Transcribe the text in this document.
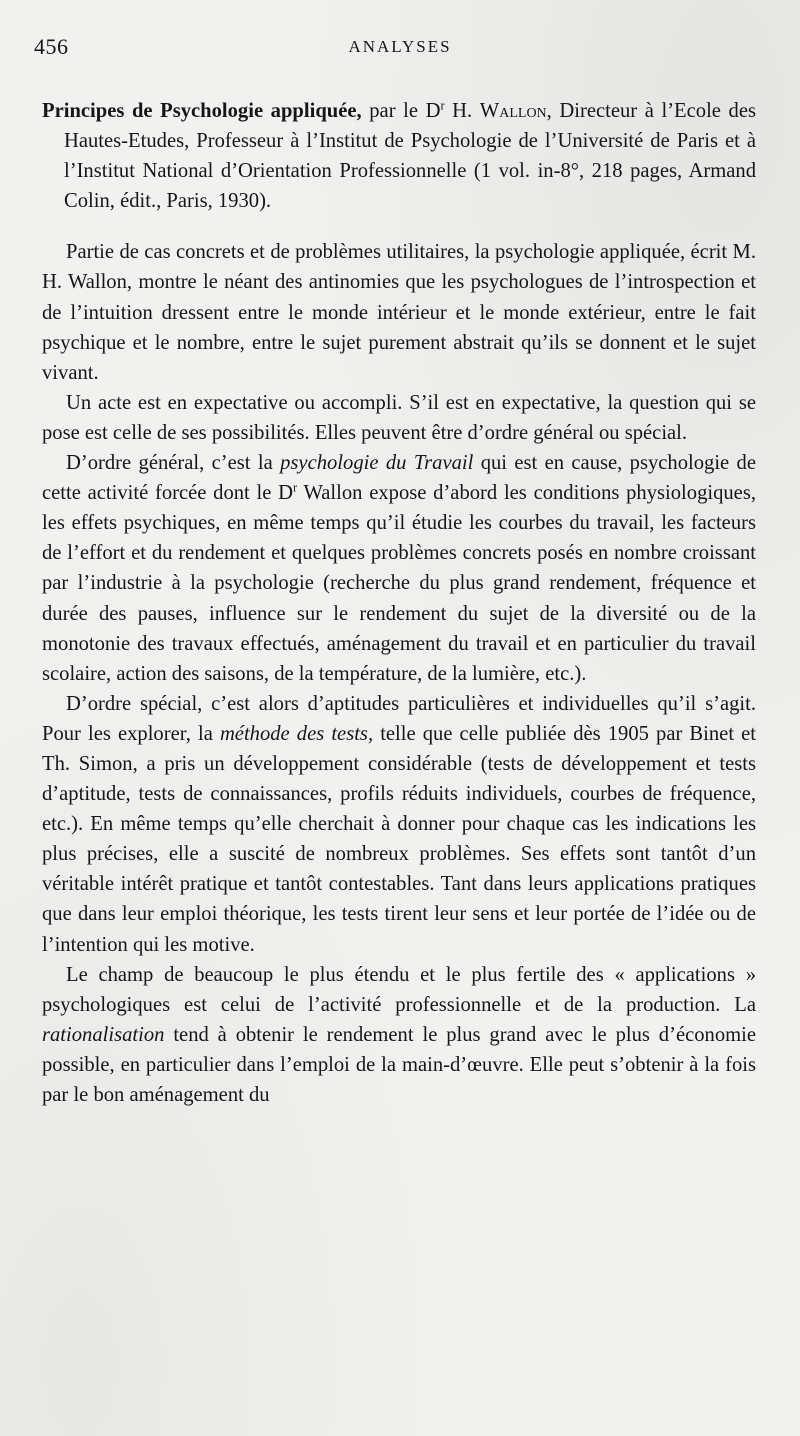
456	ANALYSES

Principes de Psychologie appliquée, par le $D^r$ H. Wallon, Directeur à l’Ecole des Hautes-Etudes, Professeur à l’Institut de Psychologie de l’Université de Paris et à l’Institut National d’Orientation Professionnelle (1 vol. in-8°, 218 pages, Armand Colin, édit., Paris, 1930).

Partie de cas concrets et de problèmes utilitaires, la psychologie appliquée, écrit M. H. Wallon, montre le néant des antinomies que les psychologues de l’introspection et de l’intuition dressent entre le monde intérieur et le monde extérieur, entre le fait psychique et le nombre, entre le sujet purement abstrait qu’ils se donnent et le sujet vivant.

Un acte est en expectative ou accompli. S’il est en expectative, la question qui se pose est celle de ses possibilités. Elles peuvent être d’ordre général ou spécial.

D’ordre général, c’est la psychologie du Travail qui est en cause, psychologie de cette activité forcée dont le $D^r$ Wallon expose d’abord les conditions physiologiques, les effets psychiques, en même temps qu’il étudie les courbes du travail, les facteurs de l’effort et du rendement et quelques problèmes concrets posés en nombre croissant par l’industrie à la psychologie (recherche du plus grand rendement, fréquence et durée des pauses, influence sur le rendement du sujet de la diversité ou de la monotonie des travaux effectués, aménagement du travail et en particulier du travail scolaire, action des saisons, de la température, de la lumière, etc.).

D’ordre spécial, c’est alors d’aptitudes particulières et individuelles qu’il s’agit. Pour les explorer, la méthode des tests, telle que celle publiée dès 1905 par Binet et Th. Simon, a pris un développement considérable (tests de développement et tests d’aptitude, tests de connaissances, profils réduits individuels, courbes de fréquence, etc.). En même temps qu’elle cherchait à donner pour chaque cas les indications les plus précises, elle a suscité de nombreux problèmes. Ses effets sont tantôt d’un véritable intérêt pratique et tantôt contestables. Tant dans leurs applications pratiques que dans leur emploi théorique, les tests tirent leur sens et leur portée de l’idée ou de l’intention qui les motive.

Le champ de beaucoup le plus étendu et le plus fertile des « applications » psychologiques est celui de l’activité professionnelle et de la production. La rationalisation tend à obtenir le rendement le plus grand avec le plus d’économie possible, en particulier dans l’emploi de la main-d’œuvre. Elle peut s’obtenir à la fois par le bon aménagement du
